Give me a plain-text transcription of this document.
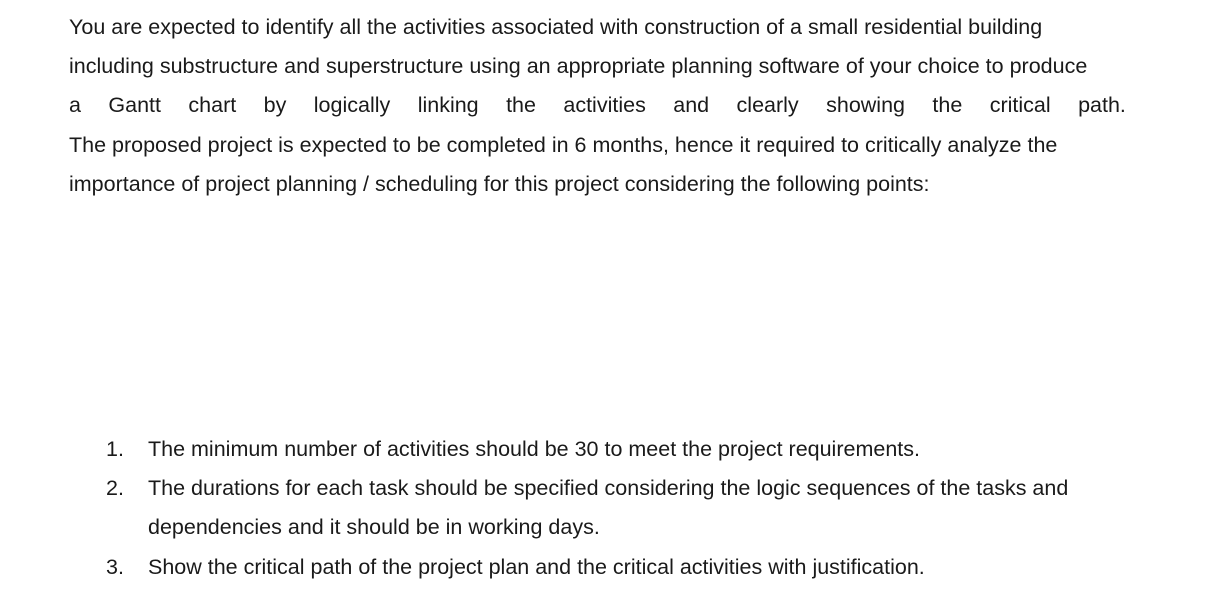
You are expected to identify all the activities associated with construction of a small residential building
including substructure and superstructure using an appropriate planning software of your choice to produce
a Gantt chart by logically linking the activities and clearly showing the critical path.
The proposed project is expected to be completed in 6 months, hence it required to critically analyze the
importance of project planning / scheduling for this project considering the following points:

1. The minimum number of activities should be 30 to meet the project requirements.
2. The durations for each task should be specified considering the logic sequences of the tasks and
dependencies and it should be in working days.
3. Show the critical path of the project plan and the critical activities with justification.
